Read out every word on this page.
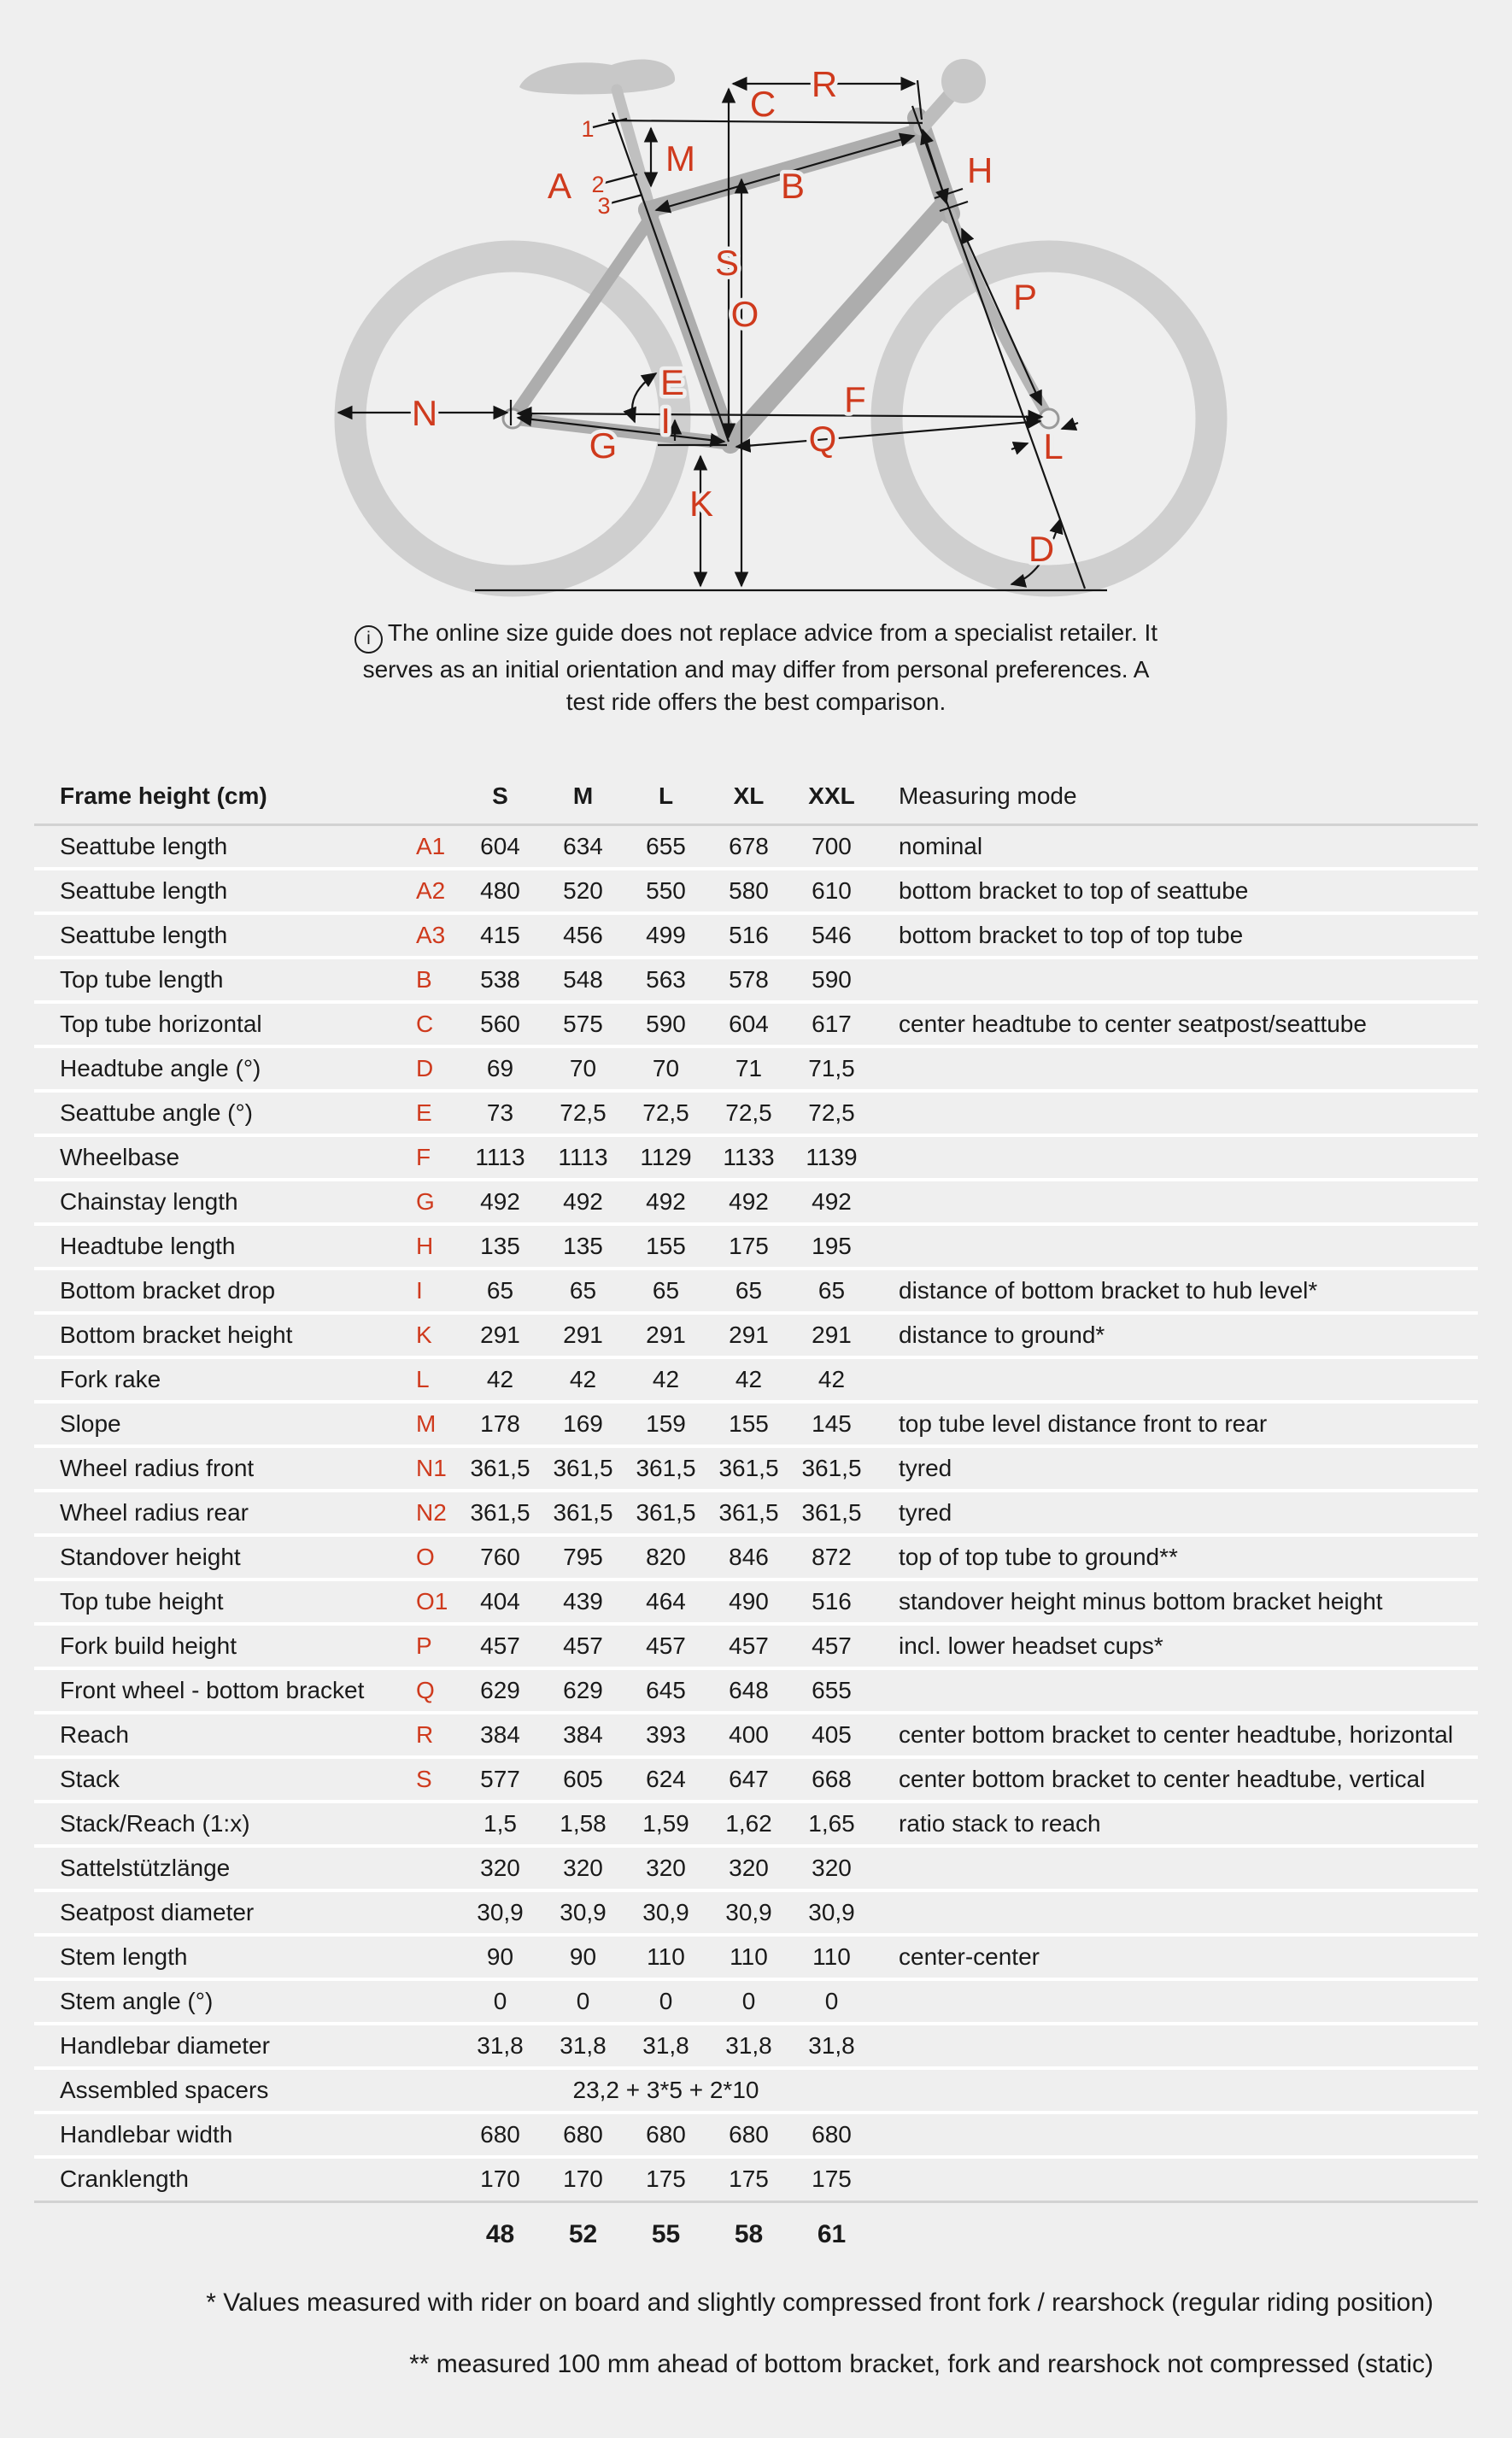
R
C
M
A
1
2
3	B	H
S
O
E
N
G
I
K
F
Q
P
L
D
i The online size guide does not replace advice from a specialist retailer. It
serves as an initial orientation and may differ from personal preferences. A
test ride offers the best comparison.
Frame height (cm)	S	M	L	XL	XXL	Measuring mode
Seattube length	A1	604	634	655	678	700	nominal
Seattube length	A2	480	520	550	580	610	bottom bracket to top of seattube
Seattube length	A3	415	456	499	516	546	bottom bracket to top of top tube
Top tube length	B	538	548	563	578	590
Top tube horizontal	C	560	575	590	604	617	center headtube to center seatpost/seattube
Headtube angle (°)	D	69	70	70	71	71,5
Seattube angle (°)	E	73	72,5	72,5	72,5	72,5
Wheelbase	F	1113	1113	1129	1133	1139
Chainstay length	G	492	492	492	492	492
Headtube length	H	135	135	155	175	195
Bottom bracket drop	I	65	65	65	65	65	distance of bottom bracket to hub level*
Bottom bracket height	K	291	291	291	291	291	distance to ground*
Fork rake	L	42	42	42	42	42
Slope	M	178	169	159	155	145	top tube level distance front to rear
Wheel radius front	N1 361,5 361,5 361,5 361,5 361,5	tyred
Wheel radius rear	N2 361,5 361,5 361,5 361,5 361,5	tyred
Standover height	O	760	795	820	846	872	top of top tube to ground**
Top tube height	O1	404	439	464	490	516	standover height minus bottom bracket height
Fork build height	P	457	457	457	457	457	incl. lower headset cups*
Front wheel - bottom bracket	Q	629	629	645	648	655
Reach	R	384	384	393	400	405	center bottom bracket to center headtube, horizontal
Stack	S	577	605	624	647	668	center bottom bracket to center headtube, vertical
Stack/Reach (1:x)	1,5	1,58	1,59	1,62	1,65	ratio stack to reach
Sattelstützlänge	320	320	320	320	320
Seatpost diameter	30,9	30,9	30,9	30,9	30,9
Stem length	90	90	110	110	110	center-center
Stem angle (°)	0	0	0	0	0
Handlebar diameter	31,8	31,8	31,8	31,8	31,8
Assembled spacers	23,2 + 3*5 + 2*10
Handlebar width	680	680	680	680	680
Cranklength	170	170	175	175	175
48	52	55	58	61

* Values measured with rider on board and slightly compressed front fork / rearshock (regular riding position)

** measured 100 mm ahead of bottom bracket, fork and rearshock not compressed (static)
